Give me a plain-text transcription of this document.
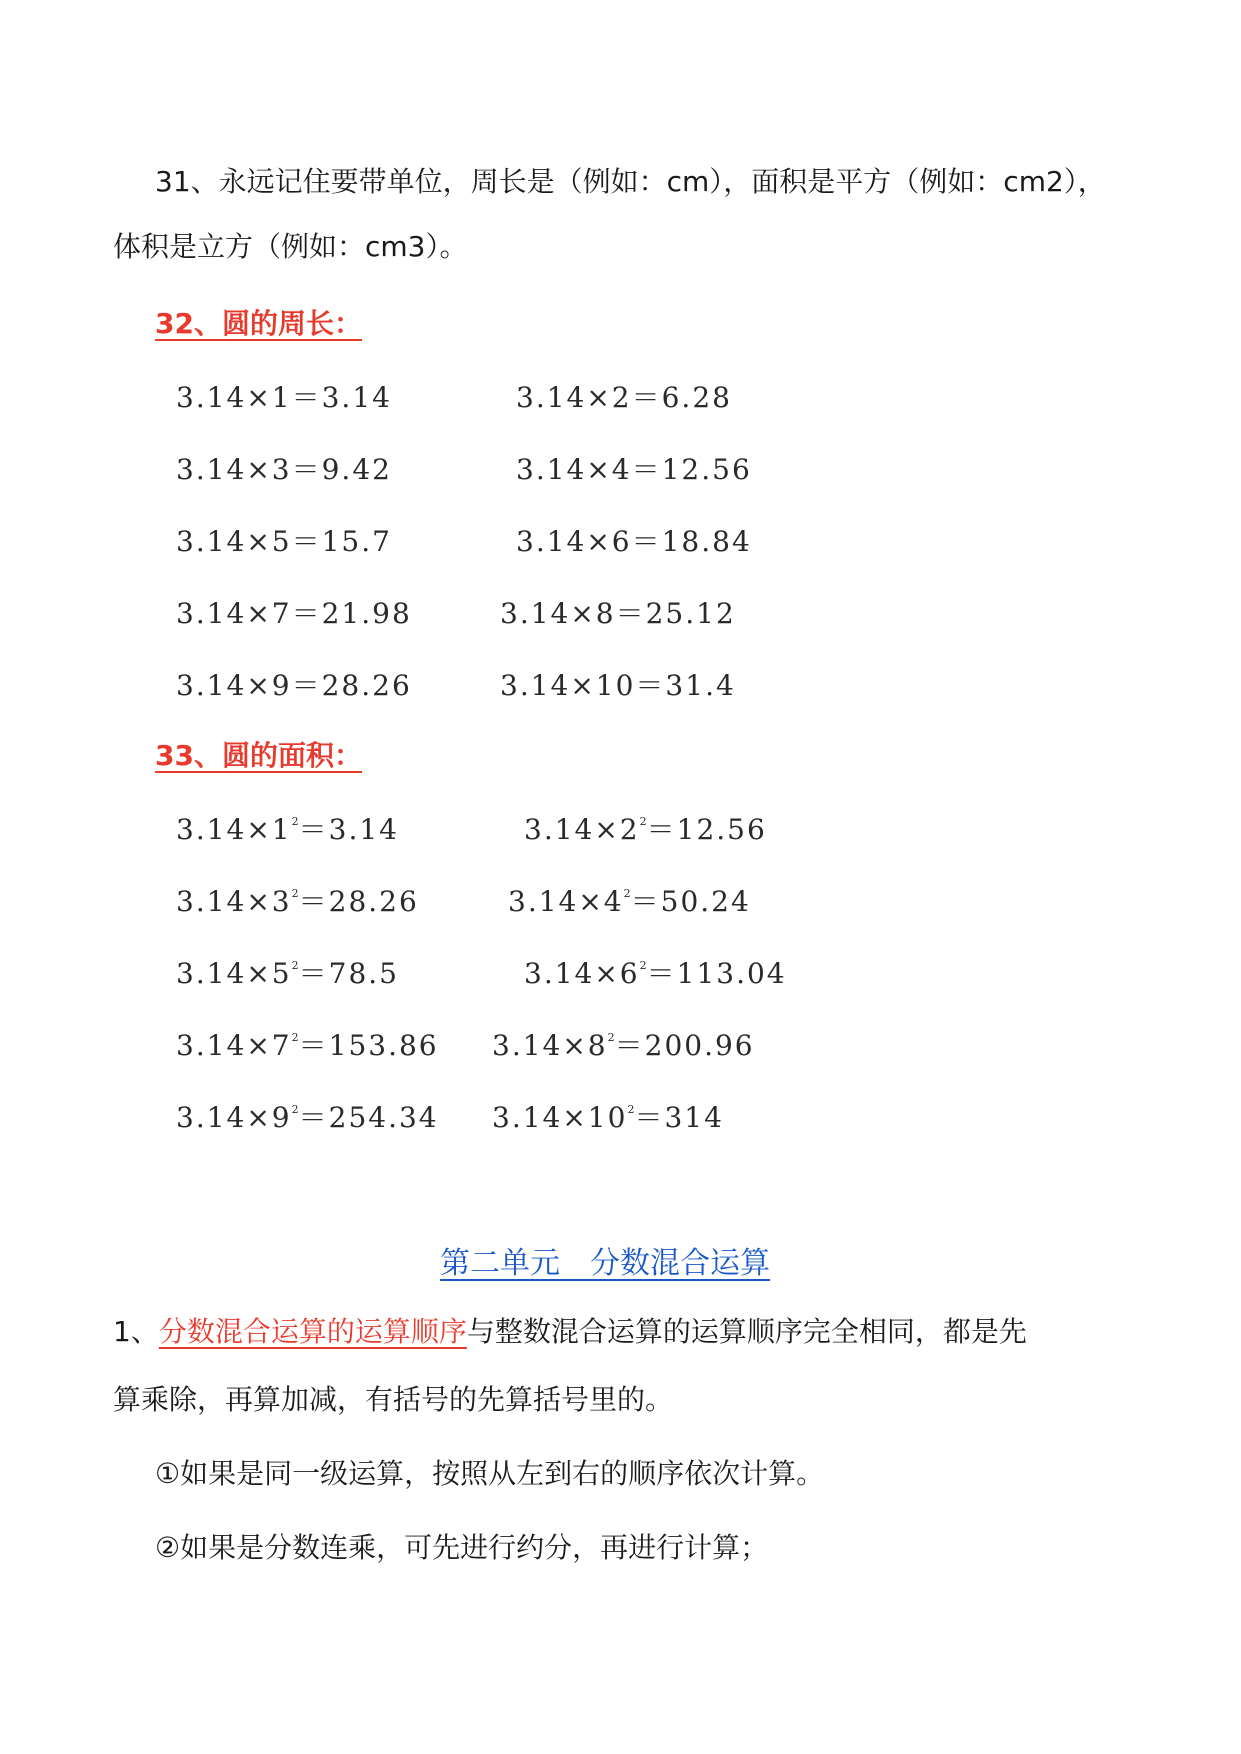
31、永远记住要带单位，周长是（例如：cm），面积是平方（例如：cm2），
体积是立方（例如：cm3）。
32、圆的周长：
3.14×1＝3.14	3.14×2＝6.28
3.14×3＝9.42	3.14×4＝12.56
3.14×5＝15.7	3.14×6＝18.84
3.14×7＝21.98	3.14×8＝25.12
3.14×9＝28.26	3.14×10＝31.4
33、圆的面积：
$3.14\times 1^2=3.14$	$3.14\times 2^2=12.56$
$3.14\times 3^2=28.26$	$3.14\times 4^2=50.24$
$3.14\times 5^2=78.5$	$3.14\times 6^2=113.04$
$3.14\times 7^2=153.86$ $3.14\times 8^2=200.96$
$3.14\times 9^2=254.34$ $3.14\times 10^2=314$
第二单元　分数混合运算
1、分数混合运算的运算顺序与整数混合运算的运算顺序完全相同，都是先
算乘除，再算加减，有括号的先算括号里的。
①如果是同一级运算，按照从左到右的顺序依次计算。
②如果是分数连乘，可先进行约分，再进行计算；
